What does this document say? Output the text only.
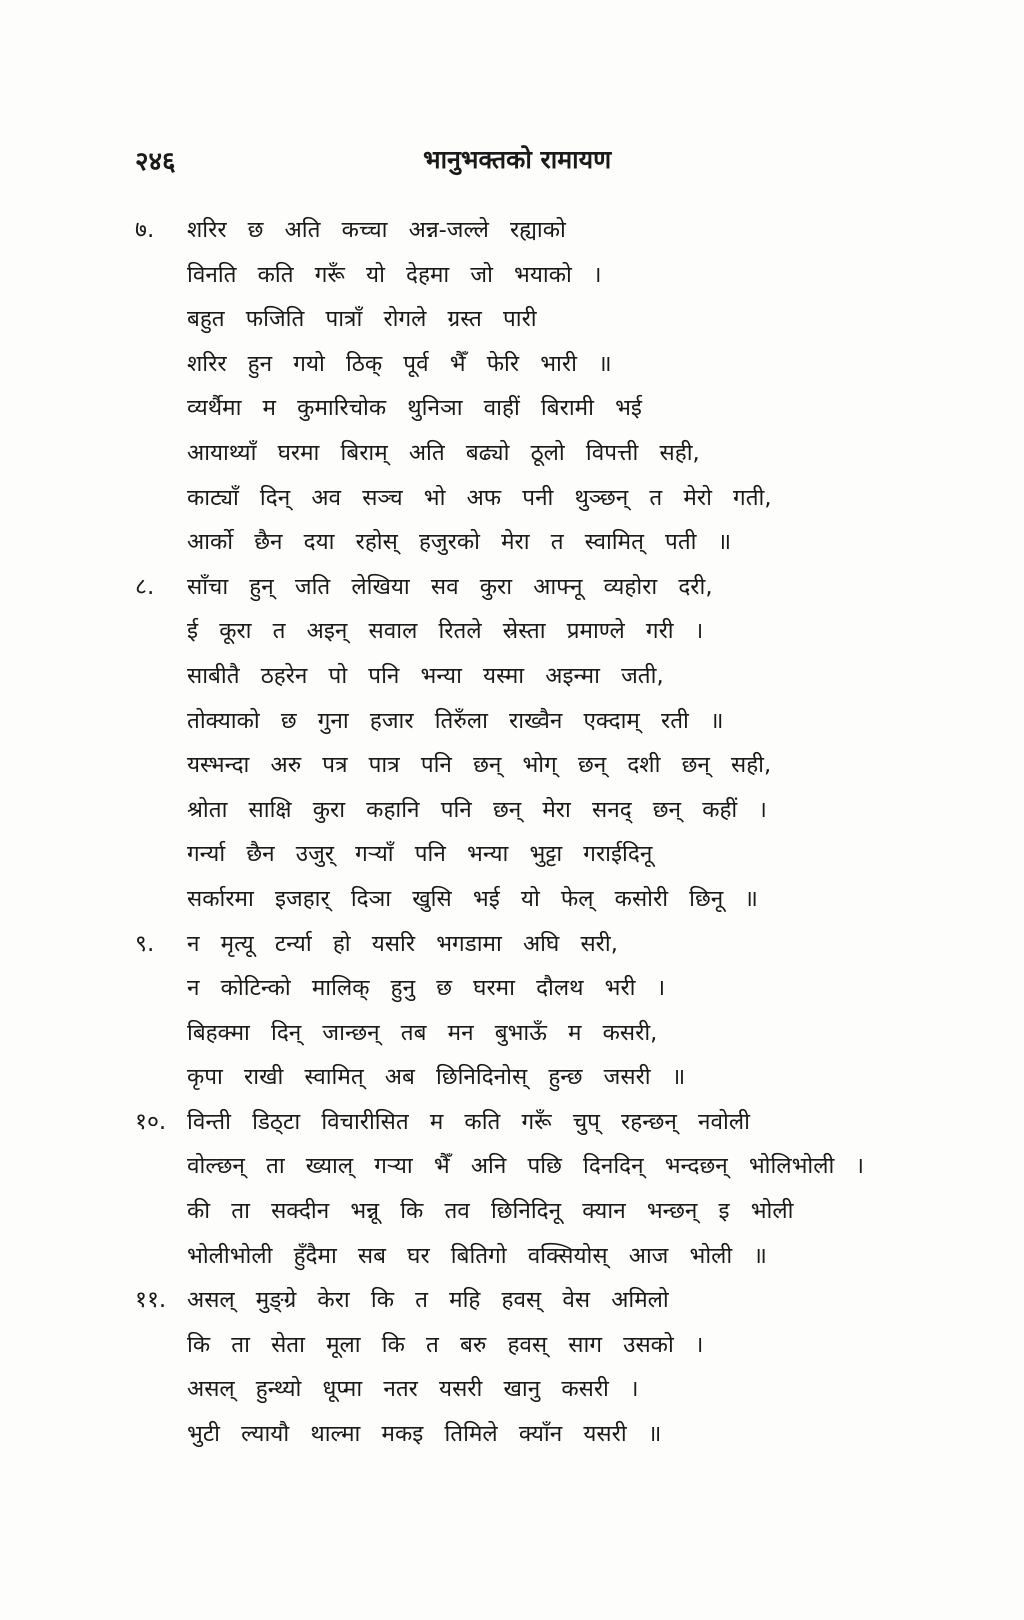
२४६	भानुभक्तको रामायण
७. शरिर छ अति कच्चा अन्न-जल्ले रह्याको
विनति कति गरूँ यो देहमा जो भयाको ।
बहुत फजिति पात्राँ रोगले ग्रस्त पारी
शरिर हुन गयो ठिक् पूर्व भैँ फेरि भारी ॥
व्यर्थैमा म कुमारिचोक थुनिञा वाहीं बिरामी भई
आयाथ्याँ घरमा बिराम् अति बढ्यो ठूलो विपत्ती सही,
काट्याँ दिन् अव सञ्च भो अफ पनी थुञ्छन् त मेरो गती,
आर्को छैन दया रहोस् हजुरको मेरा त स्वामित् पती ॥
८. साँचा हुन् जति लेखिया सव कुरा आफ्नू व्यहोरा दरी,
ई कूरा त अइन् सवाल रितले स्रेस्ता प्रमाण्ले गरी ।
साबीतै ठहरेन पो पनि भन्या यस्मा अइन्मा जती,
तोक्याको छ गुना हजार तिरुँला राख्वैन एक्दाम् रती ॥
यस्भन्दा अरु पत्र पात्र पनि छन् भोग् छन् दशी छन् सही,
श्रोता साक्षि कुरा कहानि पनि छन् मेरा सनद् छन् कहीं ।
गर्न्या छैन उजुर् गऱ्याँ पनि भन्या भुट्टा गराईदिनू
सर्कारमा इजहार् दिञा खुसि भई यो फेल् कसोरी छिनू ॥
९. न मृत्यू टर्न्या हो यसरि भगडामा अघि सरी,
न कोटिन्को मालिक् हुनु छ घरमा दौलथ भरी ।
बिहक्मा दिन् जान्छन् तब मन बुभाऊँ म कसरी,
कृपा राखी स्वामित् अब छिनिदिनोस् हुन्छ जसरी ॥
१०. विन्ती डिठ्टा विचारीसित म कति गरूँ चुप् रहन्छन् नवोली
वोल्छन् ता ख्याल् गऱ्या भैँ अनि पछि दिनदिन् भन्दछन् भोलिभोली ।
की ता सक्दीन भन्नू कि तव छिनिदिनू क्यान भन्छन् इ भोली
भोलीभोली हुँदैमा सब घर बितिगो वक्सियोस् आज भोली ॥
११. असल् मुङ्ग्रे केरा कि त महि हवस् वेस अमिलो
कि ता सेता मूला कि त बरु हवस् साग उसको ।
असल् हुन्थ्यो धूप्मा नतर यसरी खानु कसरी ।
भुटी ल्यायौ थाल्मा मकइ तिमिले क्याँन यसरी ॥
